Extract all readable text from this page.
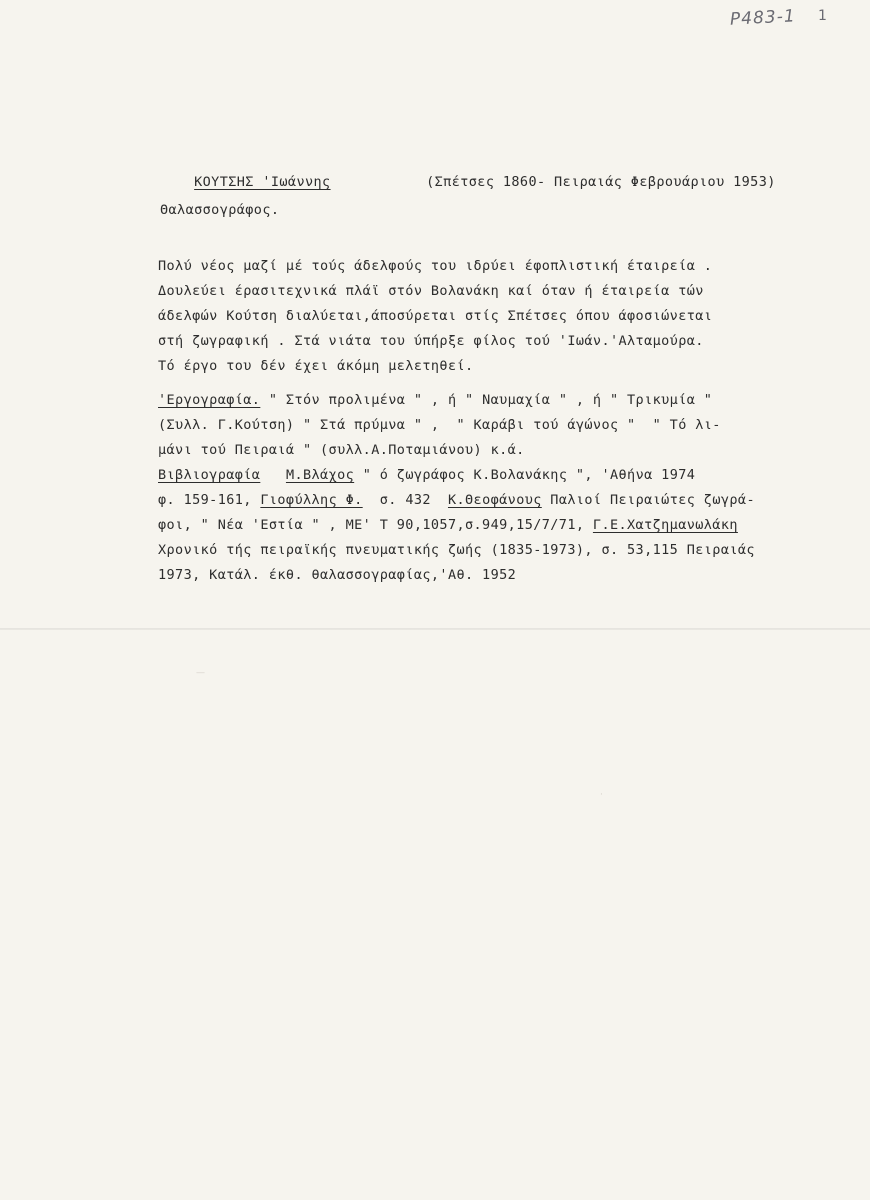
P483-1 1

ΚΟΥΤΣΗΣ 'Ιωάννης
	(Σπέτσες 1860- Πειραιάς Φεβρουάριου 1953)

Θαλασσογράφος.

Πολύ νέος μαζί μέ τούς άδελφούς του ιδρύει έφοπλιστική έταιρεία .

Δουλεύει έρασιτεχνικά πλάϊ στόν Βολανάκη καί όταν ή έταιρεία τών

άδελφών Κούτση διαλύεται,άποσύρεται στίς Σπέτσες όπου άφοσιώνεται

στή ζωγραφική . Στά νιάτα του ύπήρξε φίλος τού 'Ιωάν.'Αλταμούρα.

Τό έργο του δέν έχει άκόμη μελετηθεί.

'Εργογραφία. " Στόν προλιμένα " , ή " Ναυμαχία " , ή " Τρικυμία "

(Συλλ. Γ.Κούτση) " Στά πρύμνα " ,  " Καράβι τού άγώνος "  " Τό λι-

μάνι τού Πειραιά " (συλλ.Α.Ποταμιάνου) κ.ά.

Βιβλιογραφία Μ.Βλάχος " ό ζωγράφος Κ.Βολανάκης ", 'Αθήνα 1974

φ. 159-161, Γιοφύλλης Φ.  σ. 432  Κ.Θεοφάνους Παλιοί Πειραιώτες ζωγρά-

φοι, " Νέα 'Εστία " , ΜΕ' Τ 90,1057,σ.949,15/7/71, Γ.Ε.Χατζημανωλάκη

Χρονικό τής πειραϊκής πνευματικής ζωής (1835-1973), σ. 53,115 Πειραιάς

1973, Κατάλ. έκθ. θαλασσογραφίας,'Αθ. 1952

—
·
